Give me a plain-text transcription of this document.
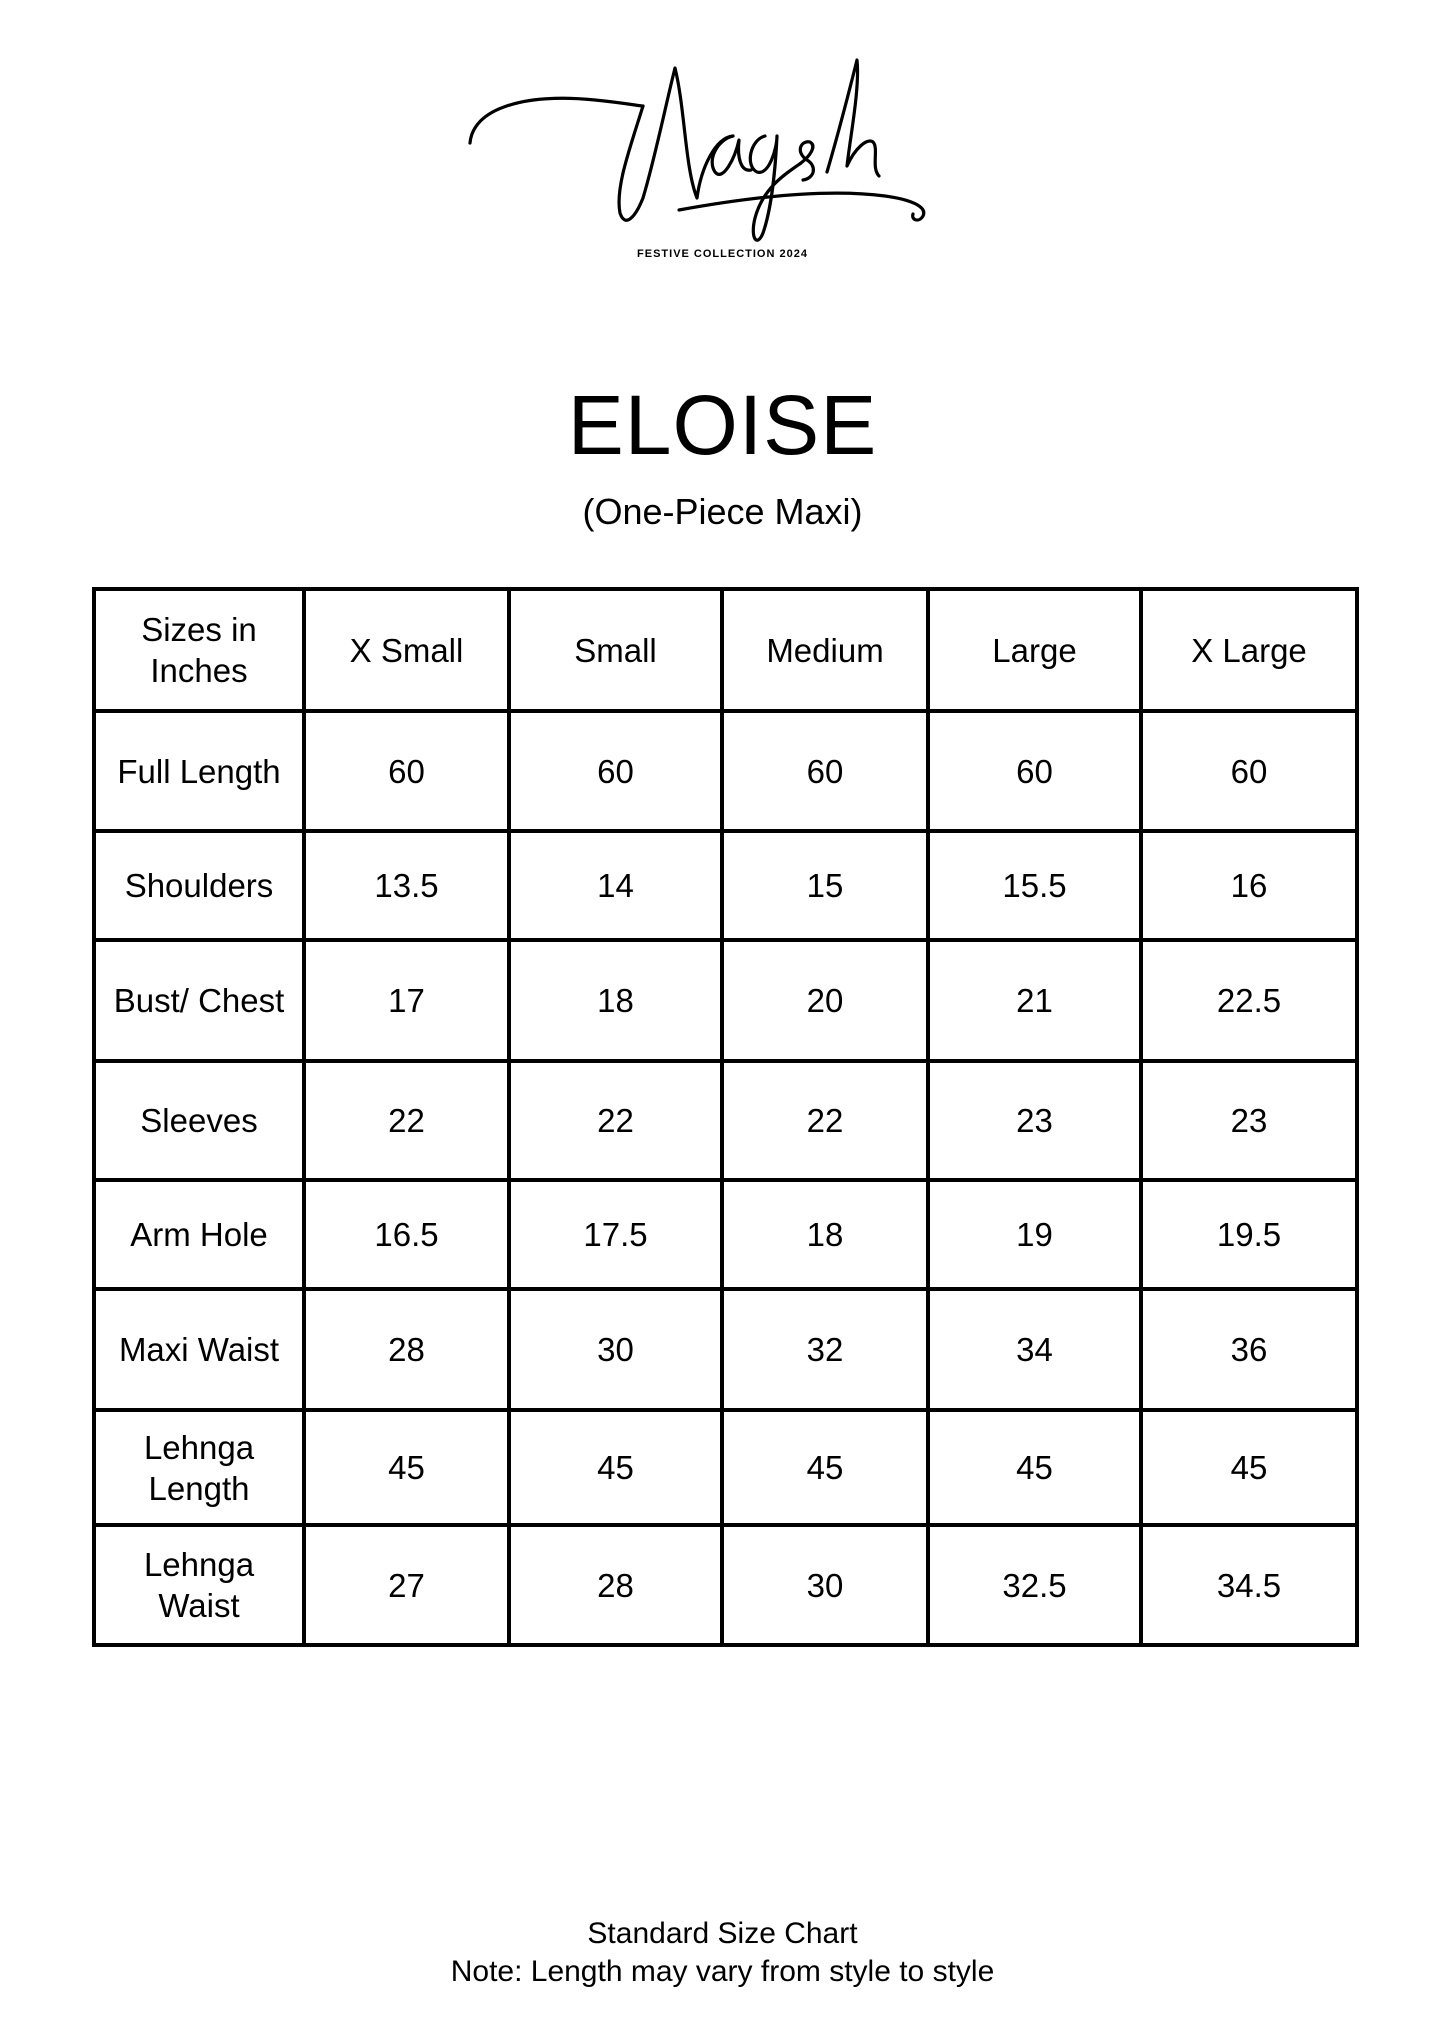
FESTIVE COLLECTION 2024
ELOISE
(One-Piece Maxi)
Sizes in Inches	X Small	Small	Medium	Large	X Large
Full Length	60	60	60	60	60
Shoulders	13.5	14	15	15.5	16
Bust/ Chest	17	18	20	21	22.5
Sleeves	22	22	22	23	23
Arm Hole	16.5	17.5	18	19	19.5
Maxi Waist	28	30	32	34	36
Lehnga Length	45	45	45	45	45
Lehnga Waist	27	28	30	32.5	34.5
Standard Size Chart
Note: Length may vary from style to style
